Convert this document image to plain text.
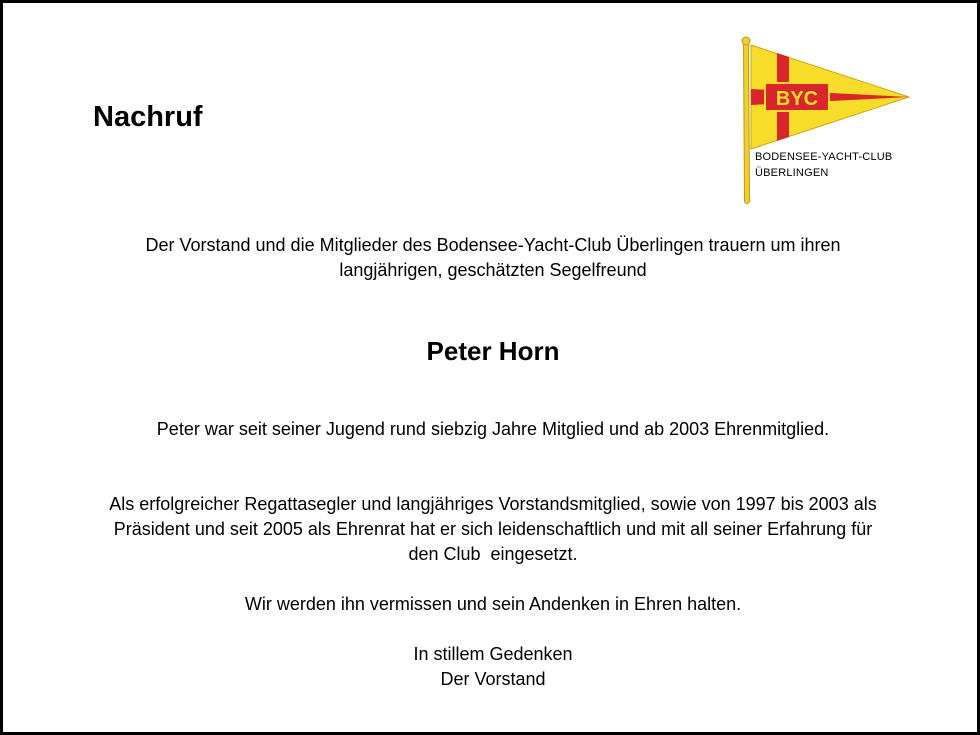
Nachruf
BYC
BODENSEE-YACHT-CLUB
ÜBERLINGEN

Der Vorstand und die Mitglieder des Bodensee-Yacht-Club Überlingen trauern um ihren
langjährigen, geschätzten Segelfreund

Peter Horn

Peter war seit seiner Jugend rund siebzig Jahre Mitglied und ab 2003 Ehrenmitglied.

Als erfolgreicher Regattasegler und langjähriges Vorstandsmitglied, sowie von 1997 bis 2003 als
Präsident und seit 2005 als Ehrenrat hat er sich leidenschaftlich und mit all seiner Erfahrung für
den Club  eingesetzt.

Wir werden ihn vermissen und sein Andenken in Ehren halten.

In stillem Gedenken
Der Vorstand
